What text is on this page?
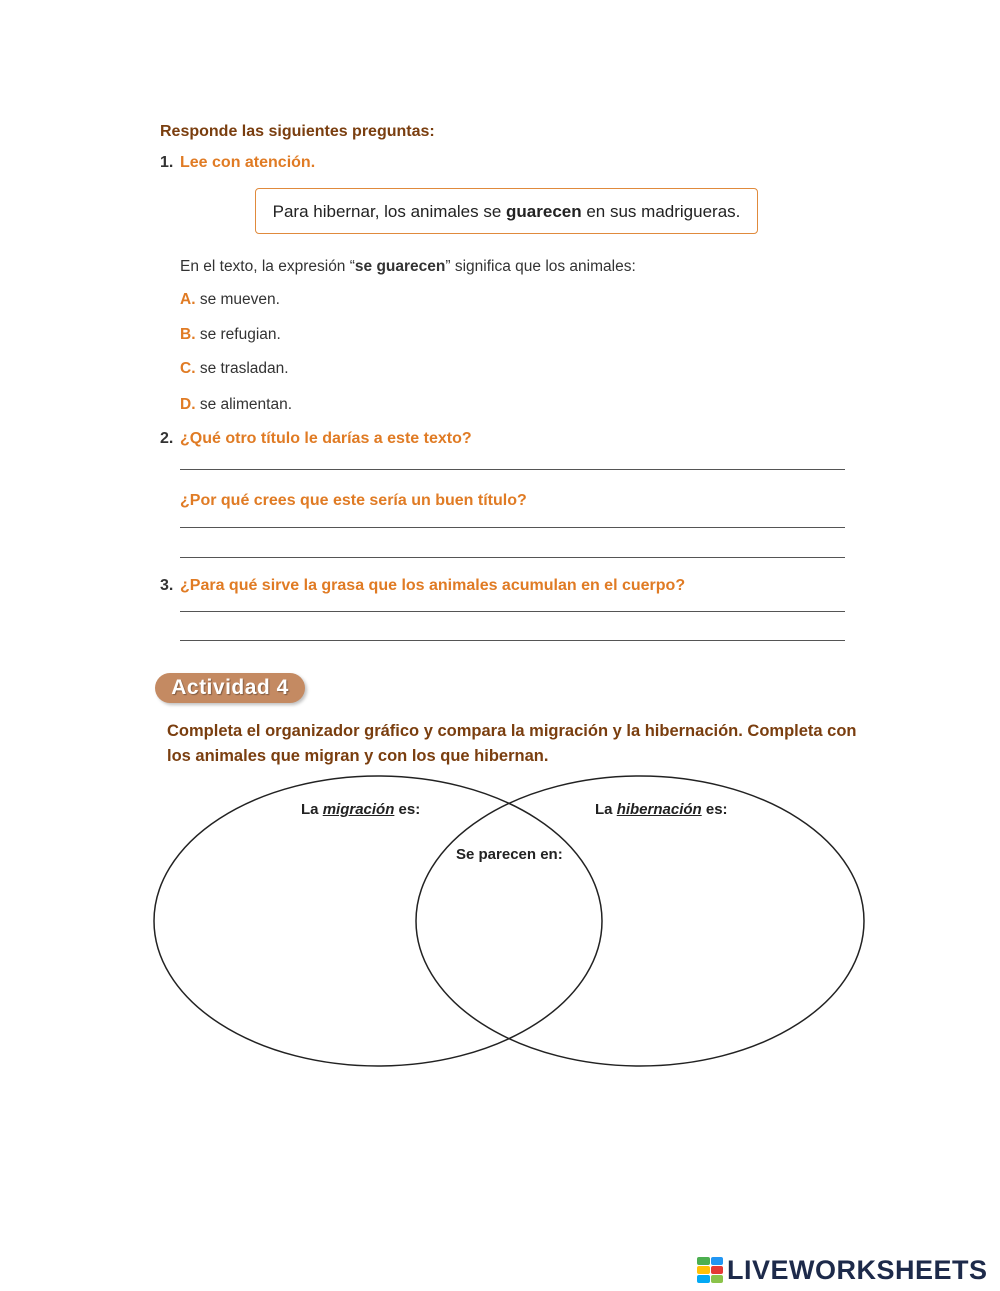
Responde las siguientes preguntas:
1. Lee con atención.
Para hibernar, los animales se guarecen en sus madrigueras.
En el texto, la expresión “se guarecen” significa que los animales:
A. se mueven.
B. se refugian.
C. se trasladan.
D. se alimentan.
2. ¿Qué otro título le darías a este texto?
¿Por qué crees que este sería un buen título?
3. ¿Para qué sirve la grasa que los animales acumulan en el cuerpo?
Actividad 4
Completa el organizador gráfico y compara la migración y la hibernación. Completa con
los animales que migran y con los que hibernan.
La migración es:	La hibernación es:
Se parecen en:
LIVEWORKSHEETS
